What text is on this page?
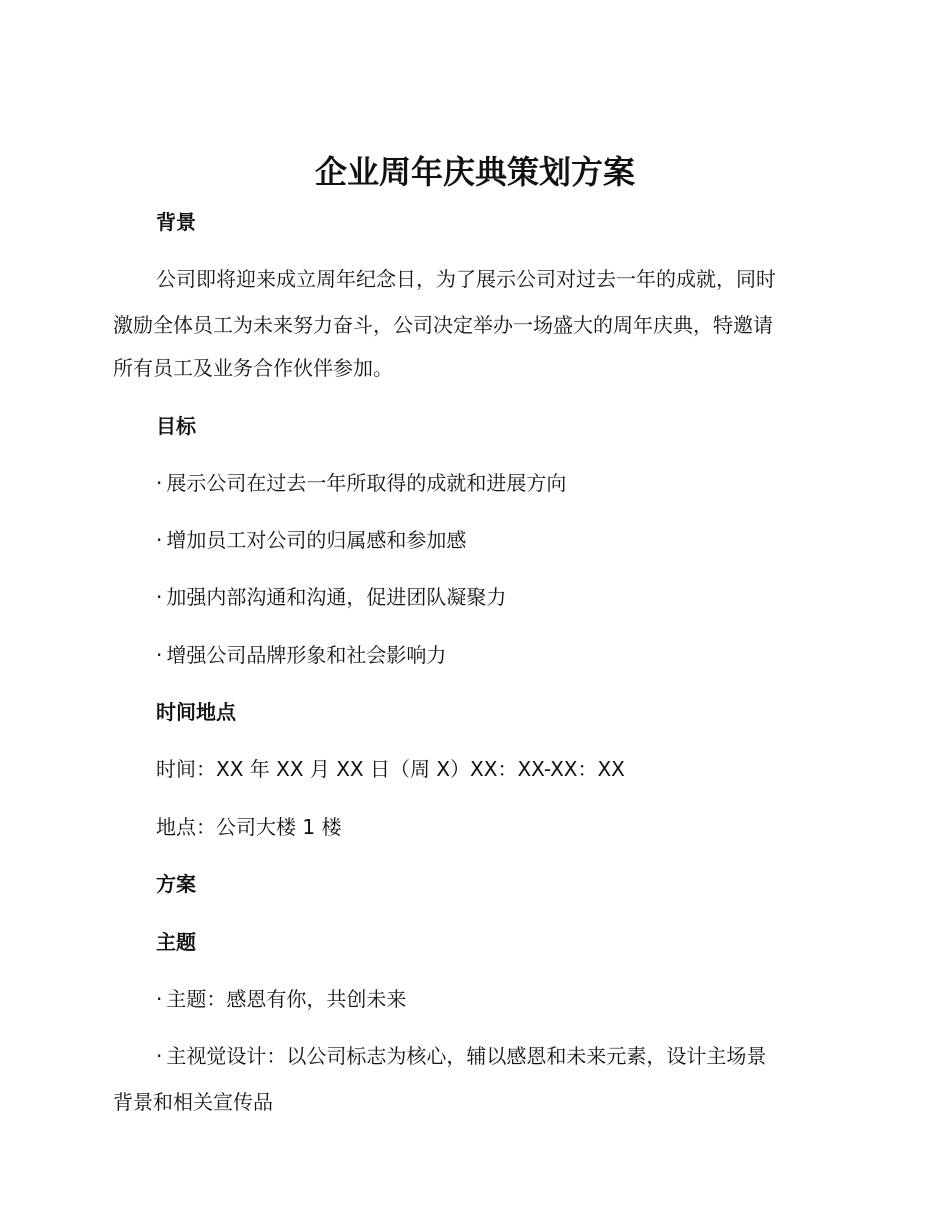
企业周年庆典策划方案
背景

公司即将迎来成立周年纪念日，为了展示公司对过去一年的成就，同时

激励全体员工为未来努力奋斗，公司决定举办一场盛大的周年庆典，特邀请

所有员工及业务合作伙伴参加。

目标

· 展示公司在过去一年所取得的成就和进展方向

· 增加员工对公司的归属感和参加感

· 加强内部沟通和沟通，促进团队凝聚力

· 增强公司品牌形象和社会影响力

时间地点

时间：XX 年 XX 月 XX 日（周 X）XX：XX-XX：XX

地点：公司大楼 1 楼

方案
主题

· 主题：感恩有你，共创未来

· 主视觉设计：以公司标志为核心，辅以感恩和未来元素，设计主场景

背景和相关宣传品
